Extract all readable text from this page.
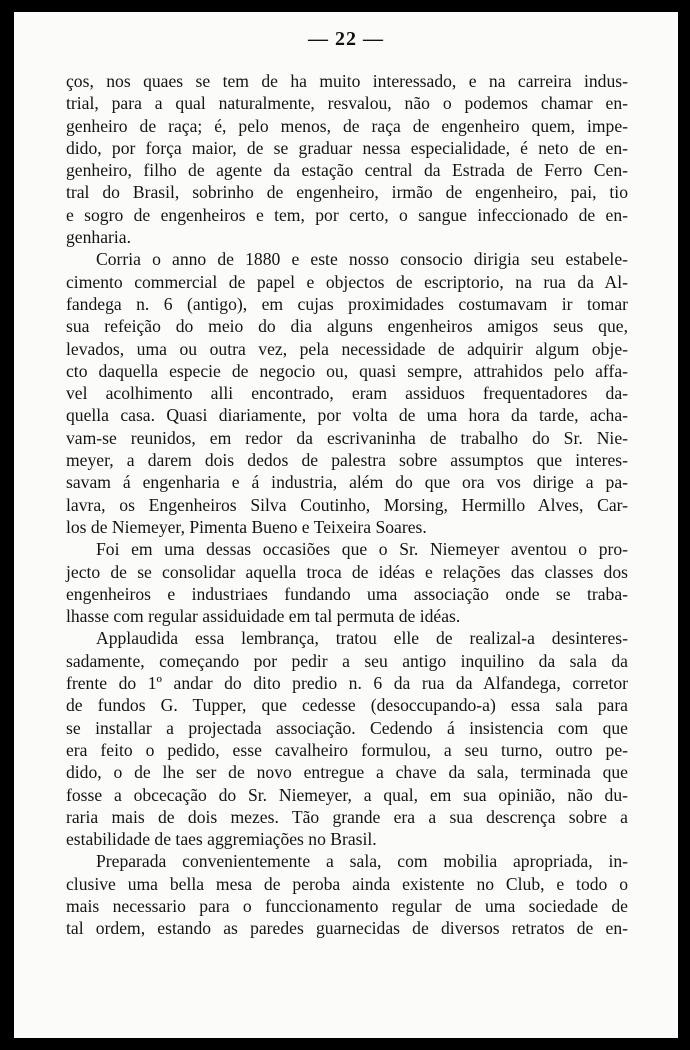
— 22 —
ços, nos quaes se tem de ha muito interessado, e na carreira indus-
trial, para a qual naturalmente, resvalou, não o podemos chamar en-
genheiro de raça; é, pelo menos, de raça de engenheiro quem, impe-
dido, por força maior, de se graduar nessa especialidade, é neto de en-
genheiro, filho de agente da estação central da Estrada de Ferro Cen-
tral do Brasil, sobrinho de engenheiro, irmão de engenheiro, pai, tio
e sogro de engenheiros e tem, por certo, o sangue infeccionado de en-
genharia.
Corria o anno de 1880 e este nosso consocio dirigia seu estabele-
cimento commercial de papel e objectos de escriptorio, na rua da Al-
fandega n. 6 (antigo), em cujas proximidades costumavam ir tomar
sua refeição do meio do dia alguns engenheiros amigos seus que,
levados, uma ou outra vez, pela necessidade de adquirir algum obje-
cto daquella especie de negocio ou, quasi sempre, attrahidos pelo affa-
vel acolhimento alli encontrado, eram assiduos frequentadores da-
quella casa. Quasi diariamente, por volta de uma hora da tarde, acha-
vam-se reunidos, em redor da escrivaninha de trabalho do Sr. Nie-
meyer, a darem dois dedos de palestra sobre assumptos que interes-
savam á engenharia e á industria, além do que ora vos dirige a pa-
lavra, os Engenheiros Silva Coutinho, Morsing, Hermillo Alves, Car-
los de Niemeyer, Pimenta Bueno e Teixeira Soares.
Foi em uma dessas occasiões que o Sr. Niemeyer aventou o pro-
jecto de se consolidar aquella troca de idéas e relações das classes dos
engenheiros e industriaes fundando uma associação onde se traba-
lhasse com regular assiduidade em tal permuta de idéas.
Applaudida essa lembrança, tratou elle de realizal-a desinteres-
sadamente, começando por pedir a seu antigo inquilino da sala da
frente do 1º andar do dito predio n. 6 da rua da Alfandega, corretor
de fundos G. Tupper, que cedesse (desoccupando-a) essa sala para
se installar a projectada associação. Cedendo á insistencia com que
era feito o pedido, esse cavalheiro formulou, a seu turno, outro pe-
dido, o de lhe ser de novo entregue a chave da sala, terminada que
fosse a obcecação do Sr. Niemeyer, a qual, em sua opinião, não du-
raria mais de dois mezes. Tão grande era a sua descrença sobre a
estabilidade de taes aggremiações no Brasil.
Preparada convenientemente a sala, com mobilia apropriada, in-
clusive uma bella mesa de peroba ainda existente no Club, e todo o
mais necessario para o funccionamento regular de uma sociedade de
tal ordem, estando as paredes guarnecidas de diversos retratos de en-
